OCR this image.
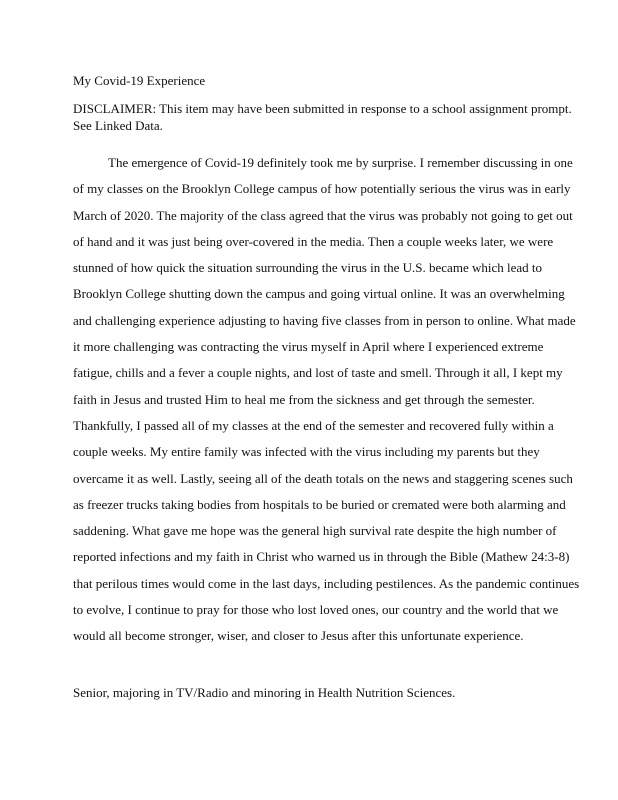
My Covid-19 Experience
DISCLAIMER: This item may have been submitted in response to a school assignment prompt.
See Linked Data.
The emergence of Covid-19 definitely took me by surprise. I remember discussing in one
of my classes on the Brooklyn College campus of how potentially serious the virus was in early
March of 2020. The majority of the class agreed that the virus was probably not going to get out
of hand and it was just being over-covered in the media. Then a couple weeks later, we were
stunned of how quick the situation surrounding the virus in the U.S. became which lead to
Brooklyn College shutting down the campus and going virtual online. It was an overwhelming
and challenging experience adjusting to having five classes from in person to online. What made
it more challenging was contracting the virus myself in April where I experienced extreme
fatigue, chills and a fever a couple nights, and lost of taste and smell. Through it all, I kept my
faith in Jesus and trusted Him to heal me from the sickness and get through the semester.
Thankfully, I passed all of my classes at the end of the semester and recovered fully within a
couple weeks. My entire family was infected with the virus including my parents but they
overcame it as well. Lastly, seeing all of the death totals on the news and staggering scenes such
as freezer trucks taking bodies from hospitals to be buried or cremated were both alarming and
saddening. What gave me hope was the general high survival rate despite the high number of
reported infections and my faith in Christ who warned us in through the Bible (Mathew 24:3-8)
that perilous times would come in the last days, including pestilences. As the pandemic continues
to evolve, I continue to pray for those who lost loved ones, our country and the world that we
would all become stronger, wiser, and closer to Jesus after this unfortunate experience.
Senior, majoring in TV/Radio and minoring in Health Nutrition Sciences.
